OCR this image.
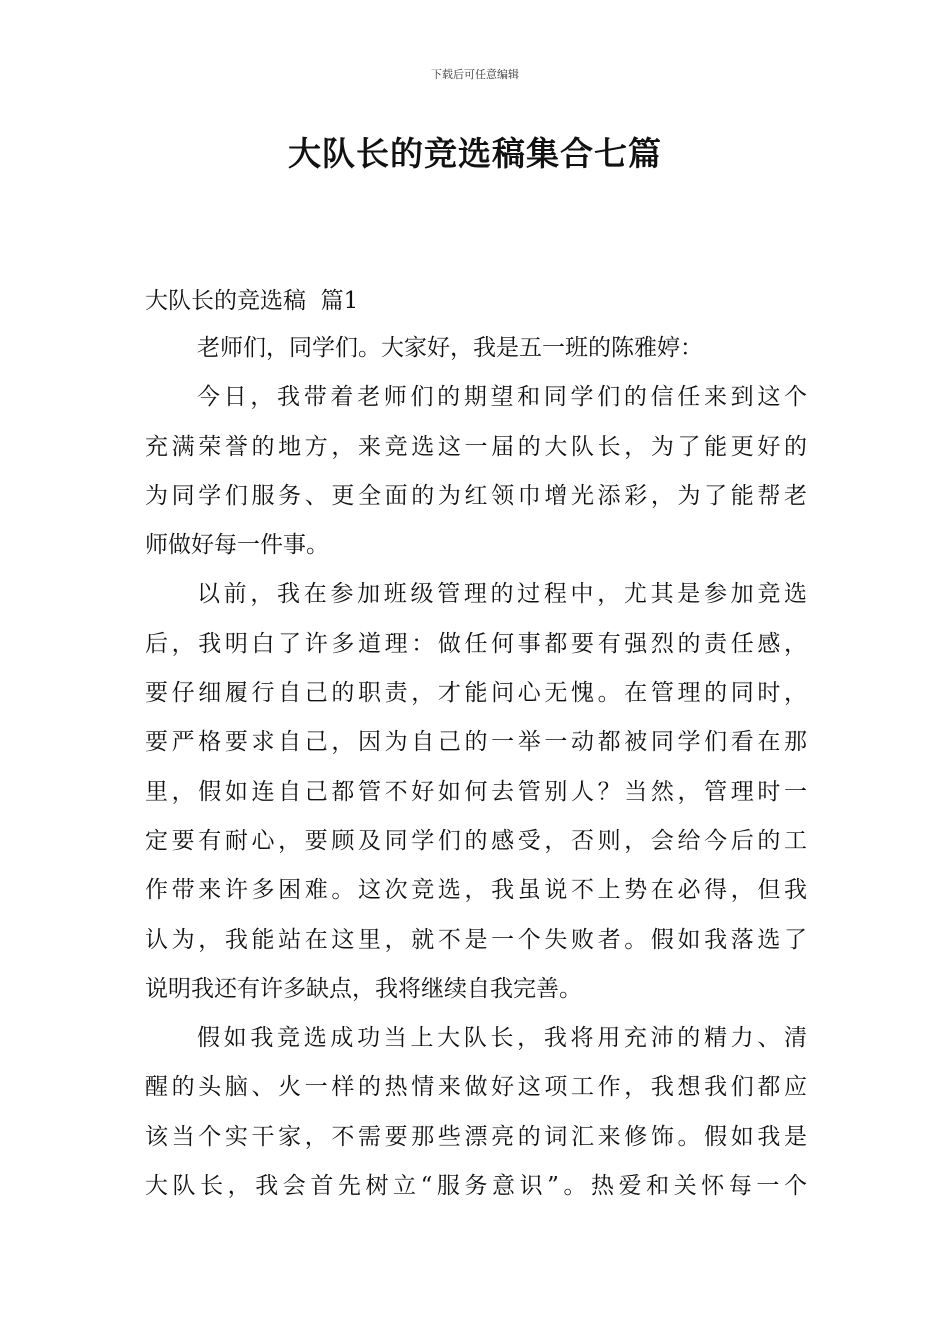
下载后可任意编辑
大队长的竞选稿集合七篇
大队长的竞选稿  篇1
老师们，同学们。大家好，我是五一班的陈雅婷：
今日，我带着老师们的期望和同学们的信任来到这个
充满荣誉的地方，来竞选这一届的大队长，为了能更好的
为同学们服务、更全面的为红领巾增光添彩，为了能帮老
师做好每一件事。
以前，我在参加班级管理的过程中，尤其是参加竞选
后，我明白了许多道理：做任何事都要有强烈的责任感，
要仔细履行自己的职责，才能问心无愧。在管理的同时，
要严格要求自己，因为自己的一举一动都被同学们看在那
里，假如连自己都管不好如何去管别人？当然，管理时一
定要有耐心，要顾及同学们的感受，否则，会给今后的工
作带来许多困难。这次竞选，我虽说不上势在必得，但我
认为，我能站在这里，就不是一个失败者。假如我落选了
说明我还有许多缺点，我将继续自我完善。
假如我竞选成功当上大队长，我将用充沛的精力、清
醒的头脑、火一样的热情来做好这项工作，我想我们都应
该当个实干家，不需要那些漂亮的词汇来修饰。假如我是
大队长，我会首先树立“服务意识”。热爱和关怀每一个
